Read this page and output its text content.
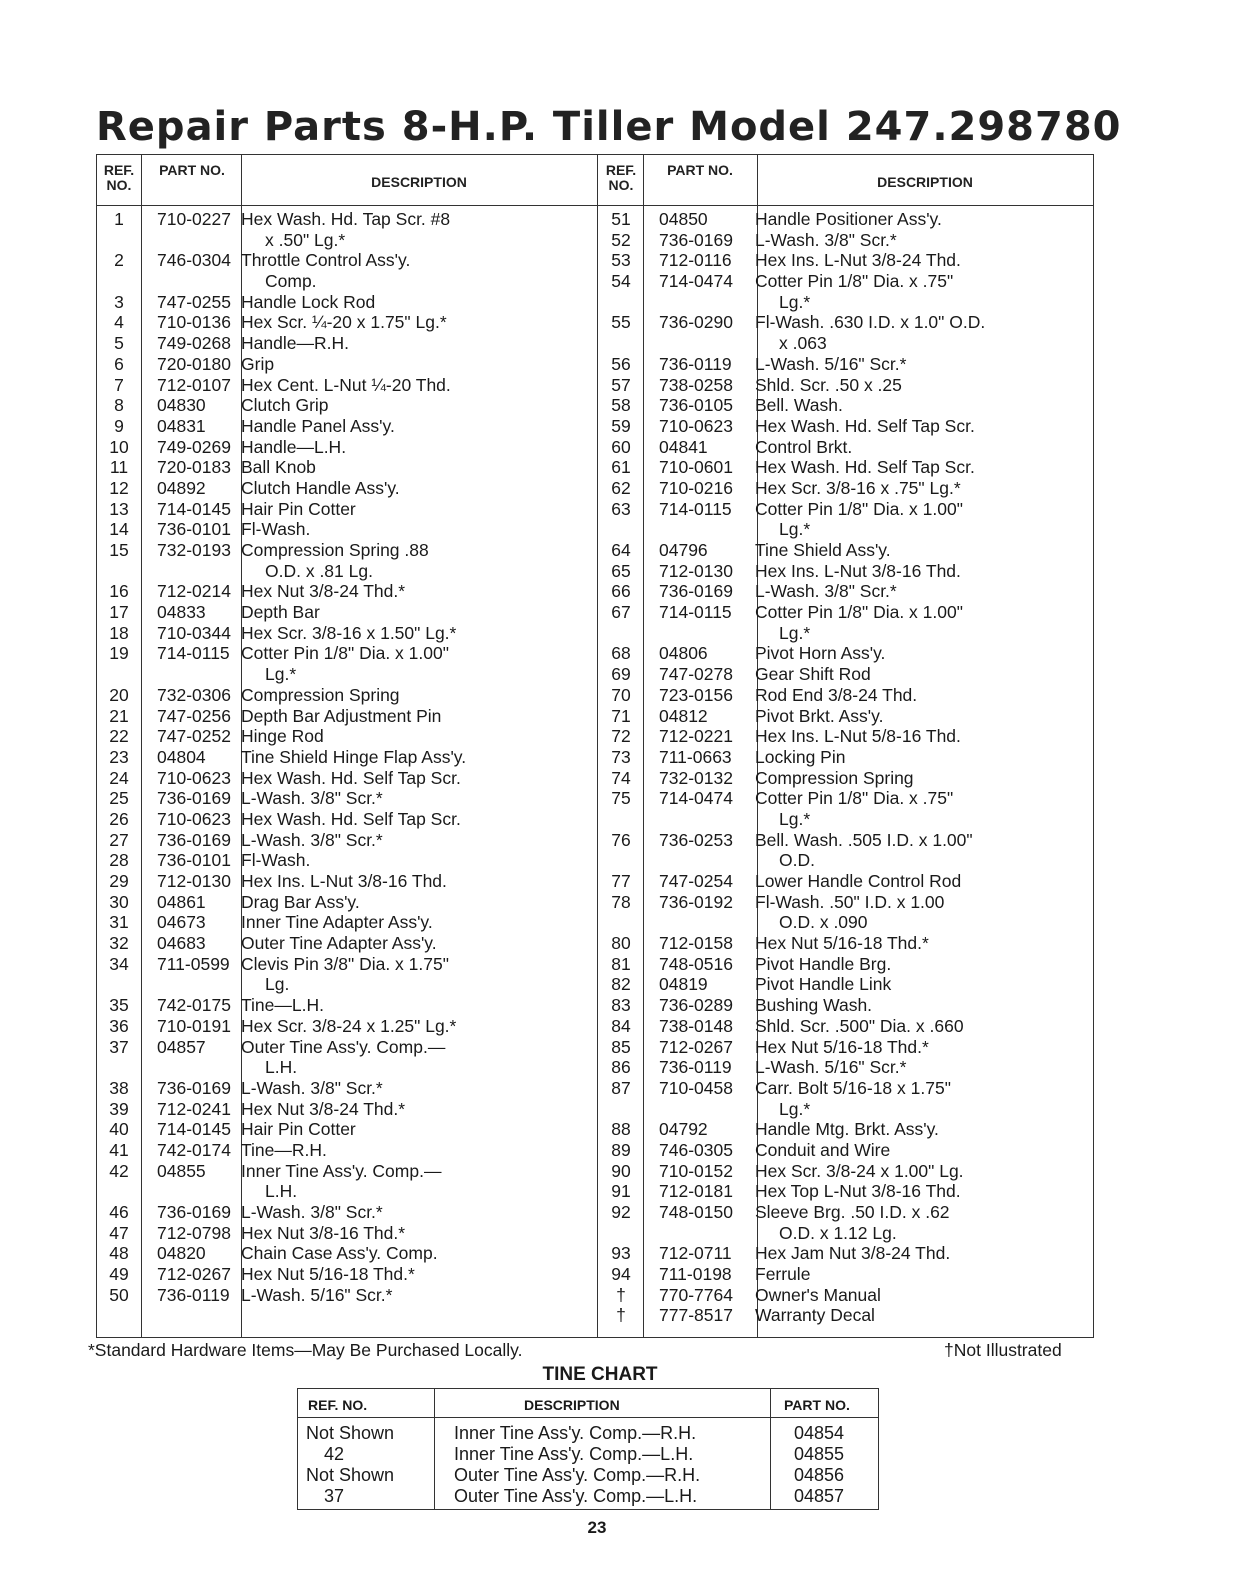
Repair Parts 8-H.P. Tiller Model 247.298780
REF. NO.
PART NO.
DESCRIPTION
REF. NO.
PART NO.
DESCRIPTION
1	710-0227 Hex Wash. Hd. Tap Scr. #8
x .50" Lg.*
2	746-0304 Throttle Control Ass'y.
Comp.
3	747-0255 Handle Lock Rod
4	710-0136 Hex Scr. ¼-20 x 1.75" Lg.*
5	749-0268 Handle—R.H.
6	720-0180 Grip
7	712-0107 Hex Cent. L-Nut ¼-20 Thd.
8	04830	Clutch Grip
9	04831	Handle Panel Ass'y.
10	749-0269 Handle—L.H.
11	720-0183 Ball Knob
12	04892	Clutch Handle Ass'y.
13	714-0145 Hair Pin Cotter
14	736-0101 Fl-Wash.
15	732-0193 Compression Spring .88
O.D. x .81 Lg.
16	712-0214 Hex Nut 3/8-24 Thd.*
17	04833	Depth Bar
18	710-0344 Hex Scr. 3/8-16 x 1.50" Lg.*
19	714-0115 Cotter Pin 1/8" Dia. x 1.00"
Lg.*
20	732-0306 Compression Spring
21	747-0256 Depth Bar Adjustment Pin
22	747-0252 Hinge Rod
23	04804	Tine Shield Hinge Flap Ass'y.
24	710-0623 Hex Wash. Hd. Self Tap Scr.
25	736-0169 L-Wash. 3/8" Scr.*
26	710-0623 Hex Wash. Hd. Self Tap Scr.
27	736-0169 L-Wash. 3/8" Scr.*
28	736-0101 Fl-Wash.
29	712-0130 Hex Ins. L-Nut 3/8-16 Thd.
30	04861	Drag Bar Ass'y.
31	04673	Inner Tine Adapter Ass'y.
32	04683	Outer Tine Adapter Ass'y.
34	711-0599 Clevis Pin 3/8" Dia. x 1.75"
Lg.
35	742-0175 Tine—L.H.
36	710-0191 Hex Scr. 3/8-24 x 1.25" Lg.*
37	04857	Outer Tine Ass'y. Comp.—
L.H.
38	736-0169 L-Wash. 3/8" Scr.*
39	712-0241 Hex Nut 3/8-24 Thd.*
40	714-0145 Hair Pin Cotter
41	742-0174 Tine—R.H.
42	04855	Inner Tine Ass'y. Comp.—
L.H.
46	736-0169 L-Wash. 3/8" Scr.*
47	712-0798 Hex Nut 3/8-16 Thd.*
48	04820	Chain Case Ass'y. Comp.
49	712-0267 Hex Nut 5/16-18 Thd.*
50	736-0119 L-Wash. 5/16" Scr.*
51	04850	Handle Positioner Ass'y.
52	736-0169	L-Wash. 3/8" Scr.*
53	712-0116	Hex Ins. L-Nut 3/8-24 Thd.
54	714-0474	Cotter Pin 1/8" Dia. x .75"
Lg.*
55	736-0290	Fl-Wash. .630 I.D. x 1.0" O.D.
x .063
56	736-0119	L-Wash. 5/16" Scr.*
57	738-0258	Shld. Scr. .50 x .25
58	736-0105	Bell. Wash.
59	710-0623	Hex Wash. Hd. Self Tap Scr.
60	04841	Control Brkt.
61	710-0601	Hex Wash. Hd. Self Tap Scr.
62	710-0216	Hex Scr. 3/8-16 x .75" Lg.*
63	714-0115	Cotter Pin 1/8" Dia. x 1.00"
Lg.*
64	04796	Tine Shield Ass'y.
65	712-0130	Hex Ins. L-Nut 3/8-16 Thd.
66	736-0169	L-Wash. 3/8" Scr.*
67	714-0115	Cotter Pin 1/8" Dia. x 1.00"
Lg.*
68	04806	Pivot Horn Ass'y.
69	747-0278	Gear Shift Rod
70	723-0156	Rod End 3/8-24 Thd.
71	04812	Pivot Brkt. Ass'y.
72	712-0221	Hex Ins. L-Nut 5/8-16 Thd.
73	711-0663	Locking Pin
74	732-0132	Compression Spring
75	714-0474	Cotter Pin 1/8" Dia. x .75"
Lg.*
76	736-0253	Bell. Wash. .505 I.D. x 1.00"
O.D.
77	747-0254	Lower Handle Control Rod
78	736-0192	Fl-Wash. .50" I.D. x 1.00
O.D. x .090
80	712-0158	Hex Nut 5/16-18 Thd.*
81	748-0516	Pivot Handle Brg.
82	04819	Pivot Handle Link
83	736-0289	Bushing Wash.
84	738-0148	Shld. Scr. .500" Dia. x .660
85	712-0267	Hex Nut 5/16-18 Thd.*
86	736-0119	L-Wash. 5/16" Scr.*
87	710-0458	Carr. Bolt 5/16-18 x 1.75"
Lg.*
88	04792	Handle Mtg. Brkt. Ass'y.
89	746-0305	Conduit and Wire
90	710-0152	Hex Scr. 3/8-24 x 1.00" Lg.
91	712-0181	Hex Top L-Nut 3/8-16 Thd.
92	748-0150	Sleeve Brg. .50 I.D. x .62
O.D. x 1.12 Lg.
93	712-0711	Hex Jam Nut 3/8-24 Thd.
94	711-0198	Ferrule
†	770-7764	Owner's Manual
†	777-8517	Warranty Decal
*Standard Hardware Items—May Be Purchased Locally.	†Not Illustrated
TINE CHART
REF. NO.	DESCRIPTION	PART NO.
Not Shown	Inner Tine Ass'y. Comp.—R.H.	04854
42	Inner Tine Ass'y. Comp.—L.H.	04855
Not Shown	Outer Tine Ass'y. Comp.—R.H.	04856
37	Outer Tine Ass'y. Comp.—L.H.	04857
23
